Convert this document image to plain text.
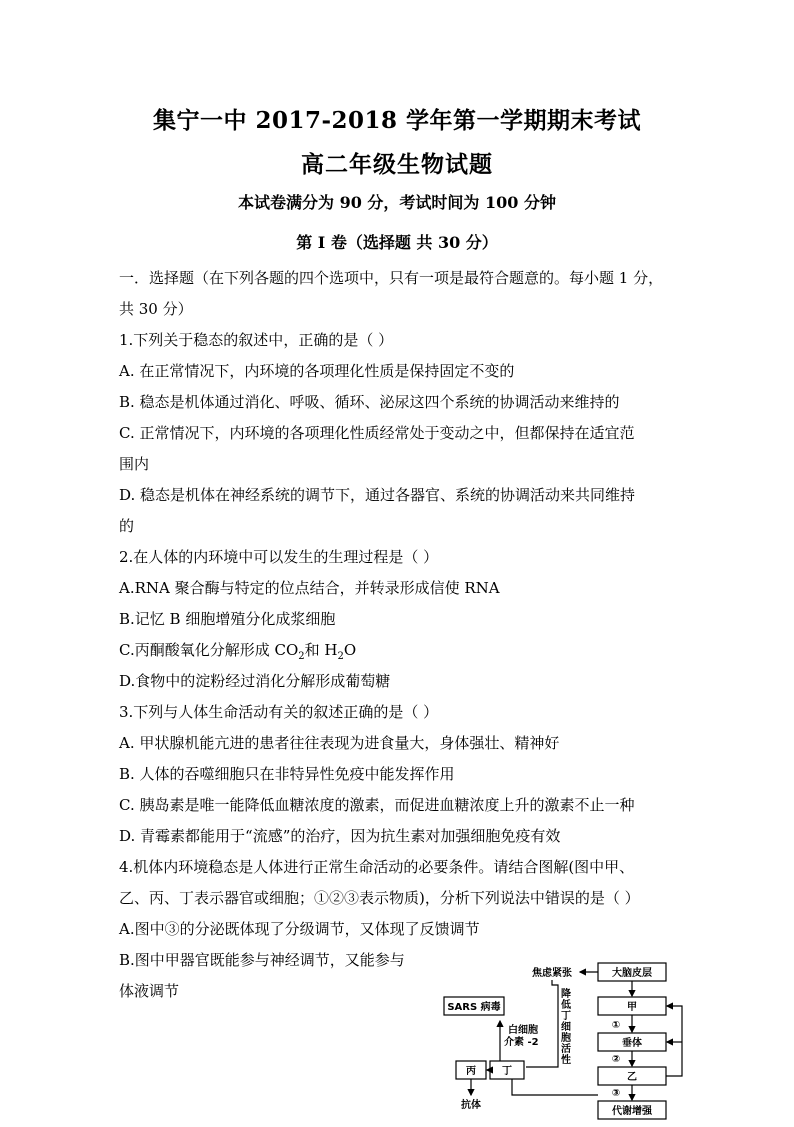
集宁一中 2017-2018 学年第一学期期末考试
高二年级生物试题
本试卷满分为 90 分，考试时间为 100 分钟
第 Ⅰ 卷（选择题 共 30 分）
一．选择题（在下列各题的四个选项中，只有一项是最符合题意的。每小题 1 分，
共 30 分）
1.下列关于稳态的叙述中，正确的是（ ）
A. 在正常情况下，内环境的各项理化性质是保持固定不变的
B. 稳态是机体通过消化、呼吸、循环、泌尿这四个系统的协调活动来维持的
C. 正常情况下，内环境的各项理化性质经常处于变动之中，但都保持在适宜范
围内
D. 稳态是机体在神经系统的调节下，通过各器官、系统的协调活动来共同维持
的
2.在人体的内环境中可以发生的生理过程是（ ）
A.RNA 聚合酶与特定的位点结合，并转录形成信使 RNA
B.记忆 B 细胞增殖分化成浆细胞
C.丙酮酸氧化分解形成 $CO_2$和 $H_2O$
D.食物中的淀粉经过消化分解形成葡萄糖
3.下列与人体生命活动有关的叙述正确的是（ ）
A. 甲状腺机能亢进的患者往往表现为进食量大，身体强壮、精神好
B. 人体的吞噬细胞只在非特异性免疫中能发挥作用
C. 胰岛素是唯一能降低血糖浓度的激素，而促进血糖浓度上升的激素不止一种
D. 青霉素都能用于“流感”的治疗，因为抗生素对加强细胞免疫有效
4.机体内环境稳态是人体进行正常生命活动的必要条件。请结合图解(图中甲、
乙、丙、丁表示器官或细胞；①②③表示物质)，分析下列说法中错误的是（ ）
A.图中③的分泌既体现了分级调节，又体现了反馈调节
B.图中甲器官既能参与神经调节，又能参与
体液调节
大脑皮层
甲
①
垂体
②
乙
③
代谢增强
焦虑紧张
降
低
丁
细
胞
活
性
SARS 病毒
白细胞
介素 -2
丙	丁
抗体
